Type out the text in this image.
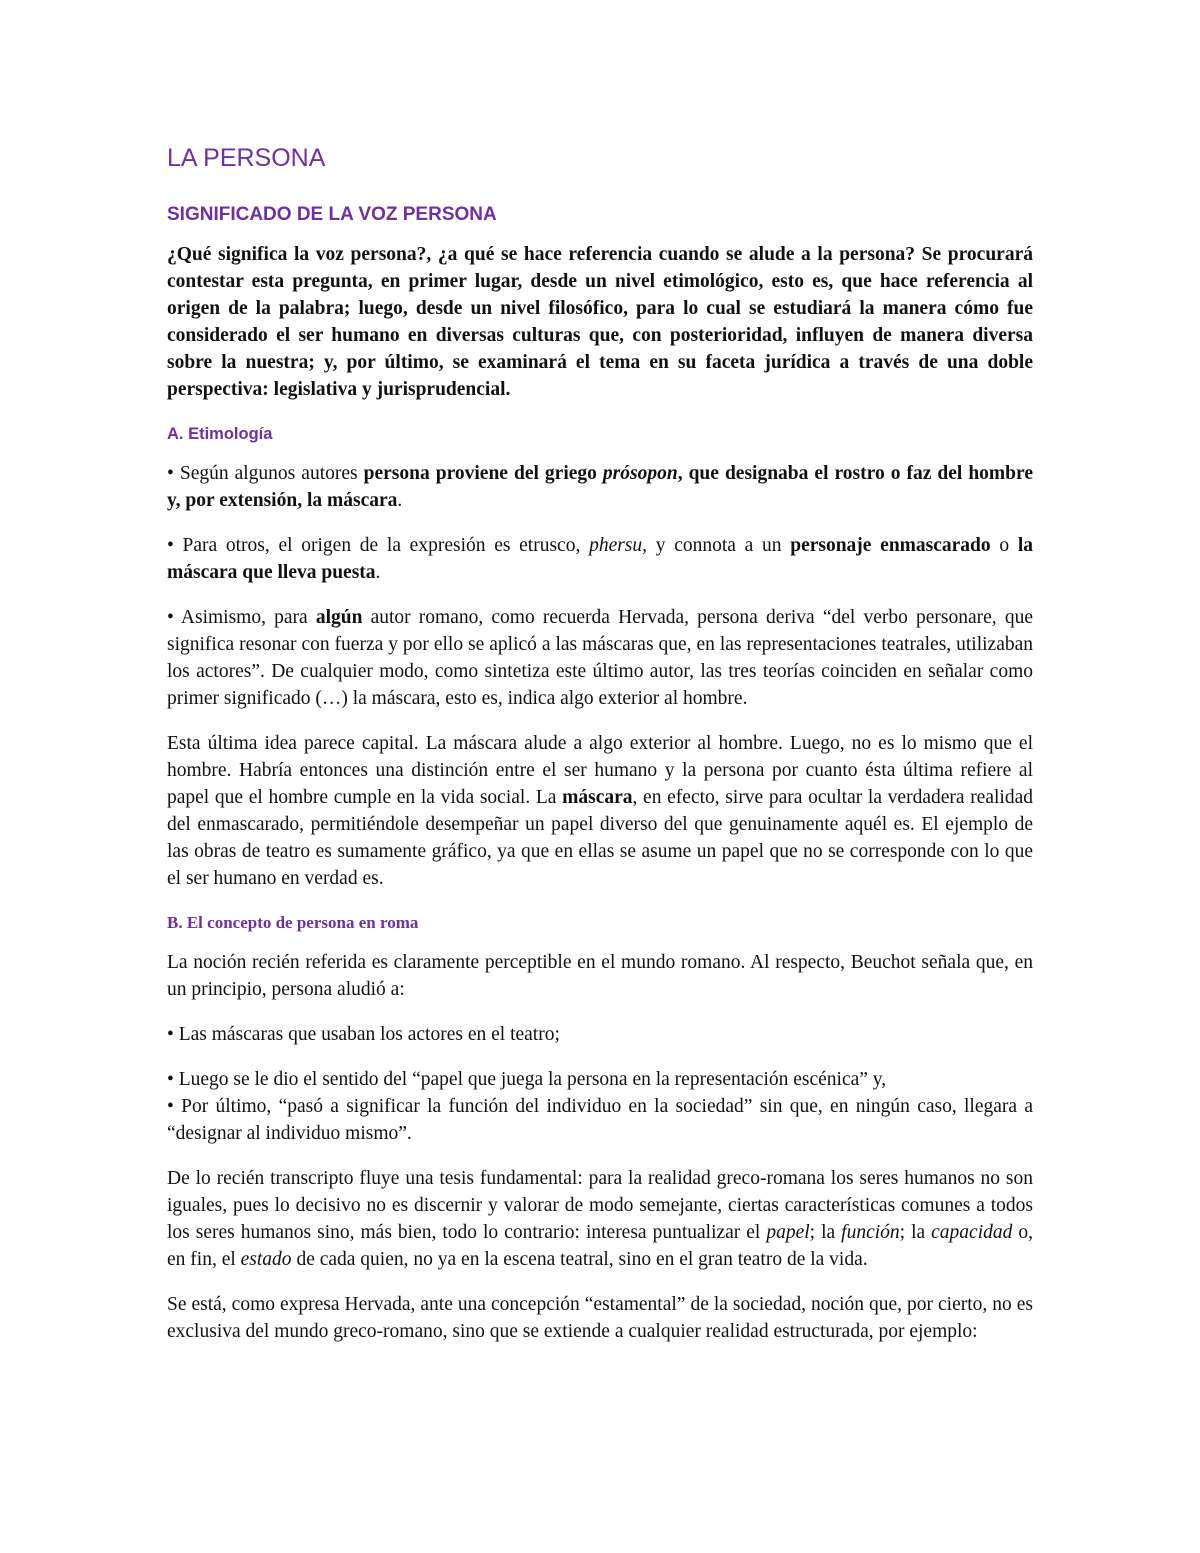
LA PERSONA
SIGNIFICADO DE LA VOZ PERSONA

¿Qué significa la voz persona?, ¿a qué se hace referencia cuando se alude a la persona? Se procurará contestar esta pregunta, en primer lugar, desde un nivel etimológico, esto es, que hace referencia al origen de la palabra; luego, desde un nivel filosófico, para lo cual se estudiará la manera cómo fue considerado el ser humano en diversas culturas que, con posterioridad, influyen de manera diversa sobre la nuestra; y, por último, se examinará el tema en su faceta jurídica a través de una doble perspectiva: legislativa y jurisprudencial.

A. Etimología

• Según algunos autores persona proviene del griego prósopon, que designaba el rostro o faz del hombre y, por extensión, la máscara.

• Para otros, el origen de la expresión es etrusco, phersu, y connota a un personaje enmascarado o la máscara que lleva puesta.

• Asimismo, para algún autor romano, como recuerda Hervada, persona deriva “del verbo personare, que significa resonar con fuerza y por ello se aplicó a las máscaras que, en las representaciones teatrales, utilizaban los actores”. De cualquier modo, como sintetiza este último autor, las tres teorías coinciden en señalar como primer significado (…) la máscara, esto es, indica algo exterior al hombre.

Esta última idea parece capital. La máscara alude a algo exterior al hombre. Luego, no es lo mismo que el hombre. Habría entonces una distinción entre el ser humano y la persona por cuanto ésta última refiere al papel que el hombre cumple en la vida social. La máscara, en efecto, sirve para ocultar la verdadera realidad del enmascarado, permitiéndole desempeñar un papel diverso del que genuinamente aquél es. El ejemplo de las obras de teatro es sumamente gráfico, ya que en ellas se asume un papel que no se corresponde con lo que el ser humano en verdad es.

B. El concepto de persona en roma

La noción recién referida es claramente perceptible en el mundo romano. Al respecto, Beuchot señala que, en un principio, persona aludió a:

• Las máscaras que usaban los actores en el teatro;

• Luego se le dio el sentido del “papel que juega la persona en la representación escénica” y,

• Por último, “pasó a significar la función del individuo en la sociedad” sin que, en ningún caso, llegara a “designar al individuo mismo”.

De lo recién transcripto fluye una tesis fundamental: para la realidad greco-romana los seres humanos no son iguales, pues lo decisivo no es discernir y valorar de modo semejante, ciertas características comunes a todos los seres humanos sino, más bien, todo lo contrario: interesa puntualizar el papel; la función; la capacidad o, en fin, el estado de cada quien, no ya en la escena teatral, sino en el gran teatro de la vida.

Se está, como expresa Hervada, ante una concepción “estamental” de la sociedad, noción que, por cierto, no es exclusiva del mundo greco-romano, sino que se extiende a cualquier realidad estructurada, por ejemplo:
